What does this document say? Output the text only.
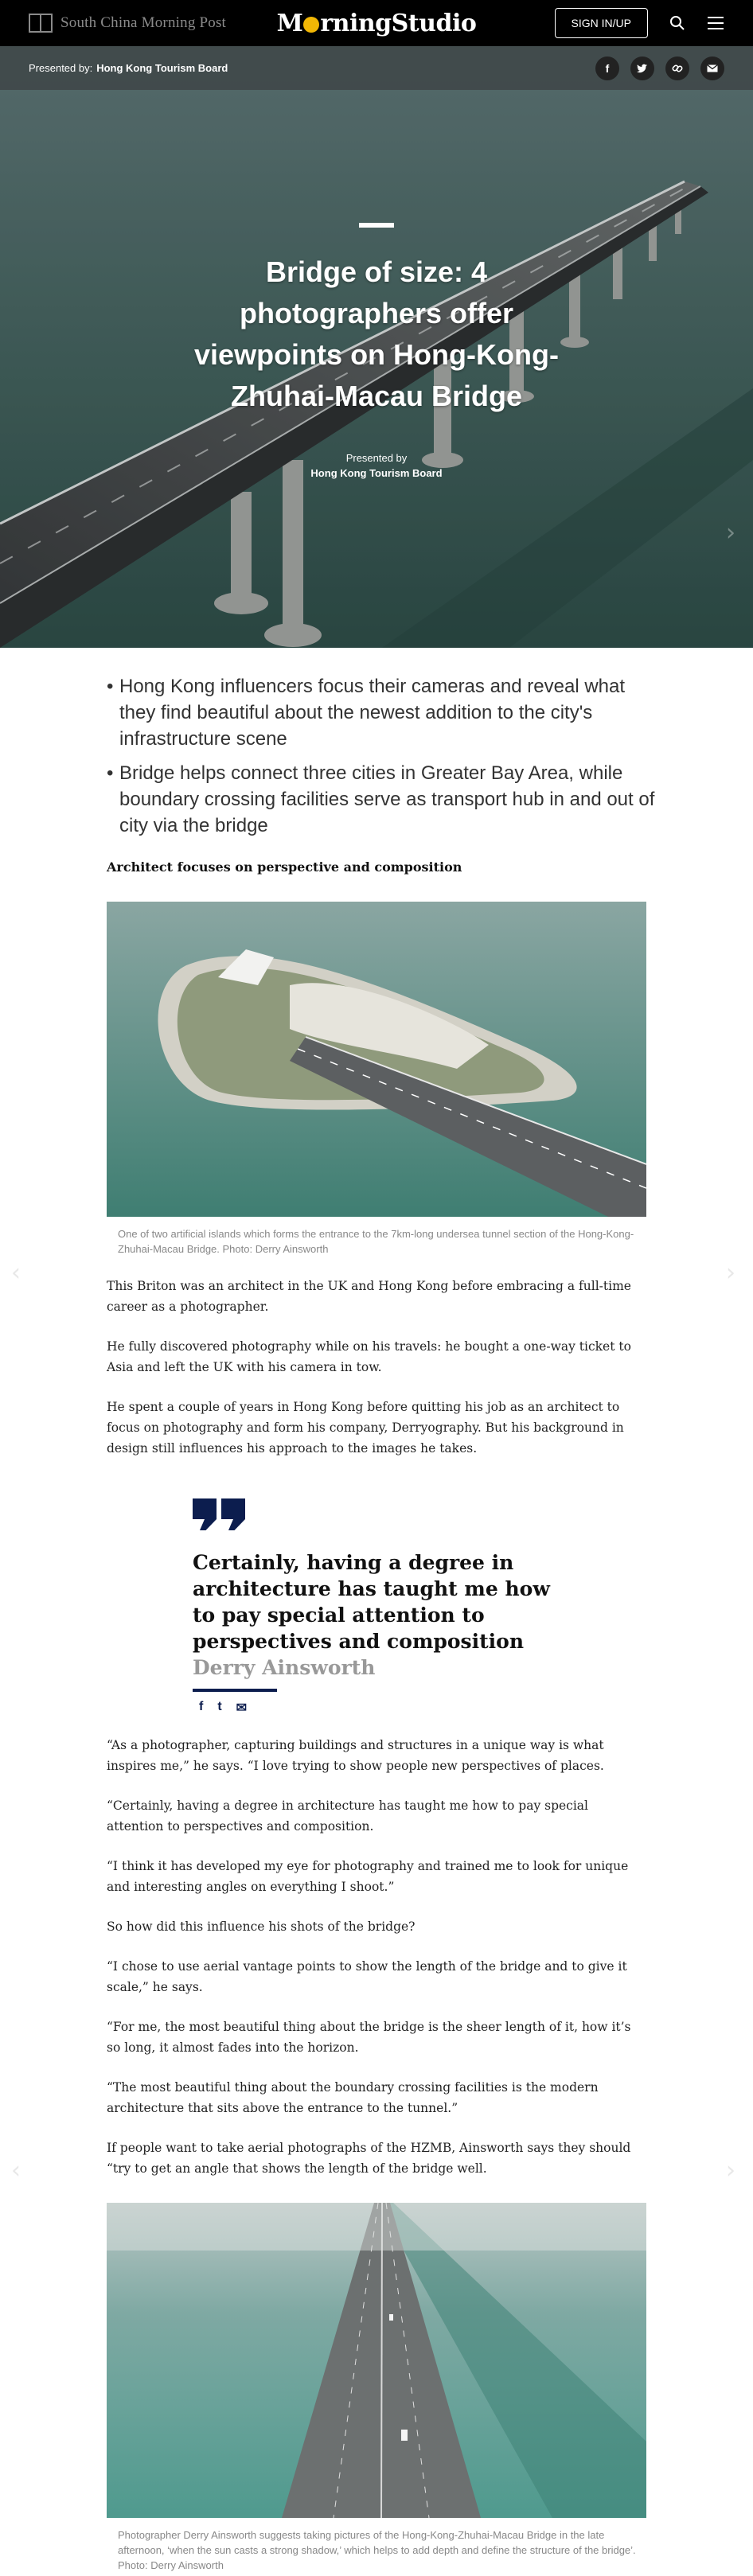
South China Morning Post M rningStudio	SIGN IN/UP
Presented by: Hong Kong Tourism Board	f
Bridge of size: 4 photographers offer viewpoints on Hong-Kong-Zhuhai-Macau Bridge
Presented by
Hong Kong Tourism Board
›
‹	›
‹	›
• Hong Kong influencers focus their cameras and reveal what they find beautiful about the newest addition to the city's infrastructure scene
• Bridge helps connect three cities in Greater Bay Area, while boundary crossing facilities serve as transport hub in and out of city via the bridge
Architect focuses on perspective and composition
One of two artificial islands which forms the entrance to the 7km-long undersea tunnel section of the Hong-Kong-Zhuhai-Macau Bridge. Photo: Derry Ainsworth

This Briton was an architect in the UK and Hong Kong before embracing a full-time career as a photographer.

He fully discovered photography while on his travels: he bought a one-way ticket to Asia and left the UK with his camera in tow.

He spent a couple of years in Hong Kong before quitting his job as an architect to focus on photography and form his company, Derryography. But his background in design still influences his approach to the images he takes.

Certainly, having a degree in architecture has taught me how to pay special attention to perspectives and composition
Derry Ainsworth
f t ✉

“As a photographer, capturing buildings and structures in a unique way is what inspires me,” he says. “I love trying to show people new perspectives of places.

“Certainly, having a degree in architecture has taught me how to pay special attention to perspectives and composition.

“I think it has developed my eye for photography and trained me to look for unique and interesting angles on everything I shoot.”

So how did this influence his shots of the bridge?

“I chose to use aerial vantage points to show the length of the bridge and to give it scale,” he says.

“For me, the most beautiful thing about the bridge is the sheer length of it, how it’s so long, it almost fades into the horizon.

“The most beautiful thing about the boundary crossing facilities is the modern architecture that sits above the entrance to the tunnel.”

If people want to take aerial photographs of the HZMB, Ainsworth says they should “try to get an angle that shows the length of the bridge well.

Photographer Derry Ainsworth suggests taking pictures of the Hong-Kong-Zhuhai-Macau Bridge in the late afternoon, ‘when the sun casts a strong shadow,’ which helps to add depth and define the structure of the bridge’. Photo: Derry Ainsworth
